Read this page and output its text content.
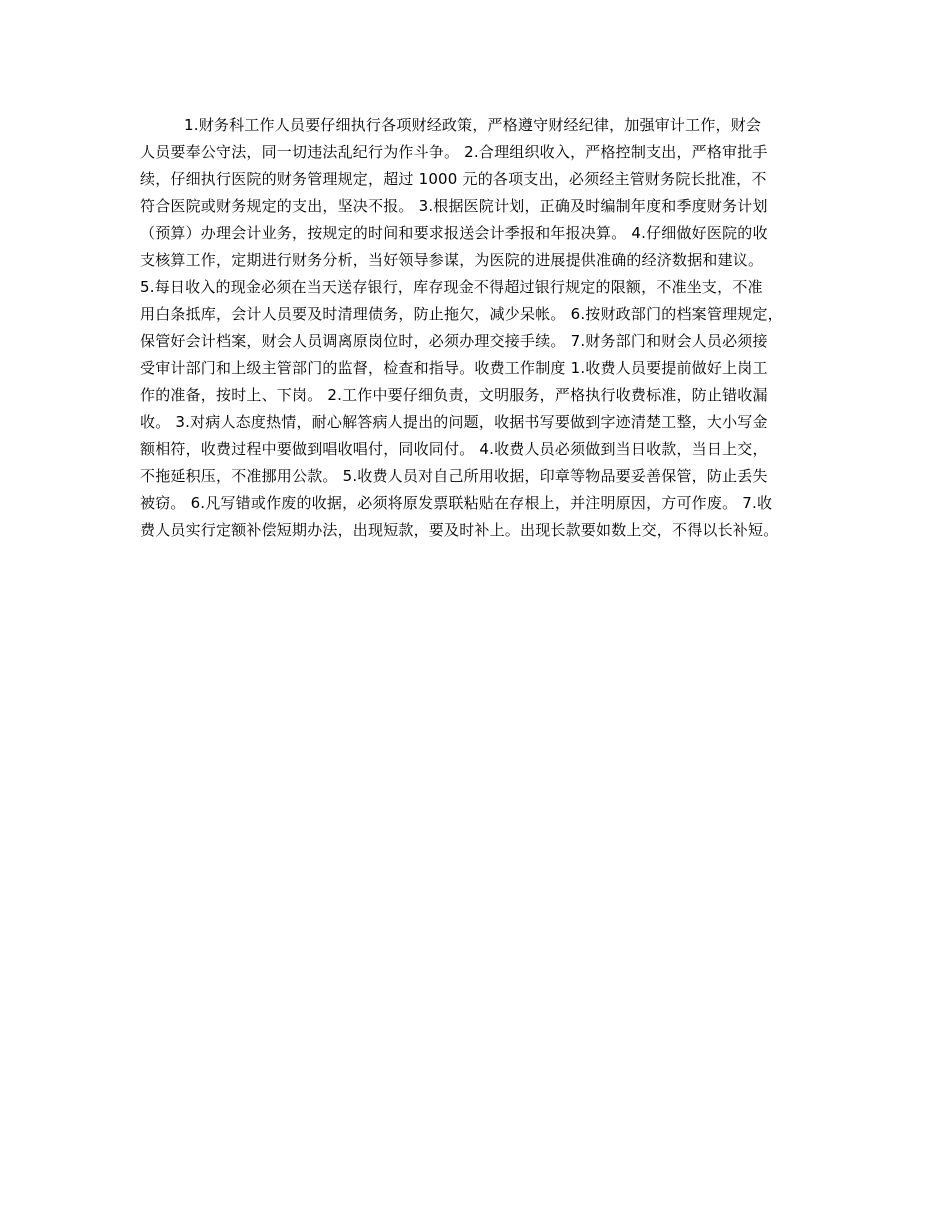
1.财务科工作人员要仔细执行各项财经政策，严格遵守财经纪律，加强审计工作，财会
人员要奉公守法，同一切违法乱纪行为作斗争。 2.合理组织收入，严格控制支出，严格审批手
续，仔细执行医院的财务管理规定，超过 1000 元的各项支出，必须经主管财务院长批准，不
符合医院或财务规定的支出，坚决不报。 3.根据医院计划，正确及时编制年度和季度财务计划
（预算）办理会计业务，按规定的时间和要求报送会计季报和年报决算。 4.仔细做好医院的收
支核算工作，定期进行财务分析，当好领导参谋，为医院的进展提供准确的经济数据和建议。
5.每日收入的现金必须在当天送存银行，库存现金不得超过银行规定的限额，不准坐支，不准
用白条抵库，会计人员要及时清理债务，防止拖欠，减少呆帐。 6.按财政部门的档案管理规定，
保管好会计档案，财会人员调离原岗位时，必须办理交接手续。 7.财务部门和财会人员必须接
受审计部门和上级主管部门的监督，检查和指导。收费工作制度 1.收费人员要提前做好上岗工
作的准备，按时上、下岗。 2.工作中要仔细负责，文明服务，严格执行收费标准，防止错收漏
收。 3.对病人态度热情，耐心解答病人提出的问题，收据书写要做到字迹清楚工整，大小写金
额相符，收费过程中要做到唱收唱付，同收同付。 4.收费人员必须做到当日收款，当日上交，
不拖延积压，不准挪用公款。 5.收费人员对自己所用收据，印章等物品要妥善保管，防止丢失
被窃。 6.凡写错或作废的收据，必须将原发票联粘贴在存根上，并注明原因，方可作废。 7.收
费人员实行定额补偿短期办法，出现短款，要及时补上。出现长款要如数上交，不得以长补短。
